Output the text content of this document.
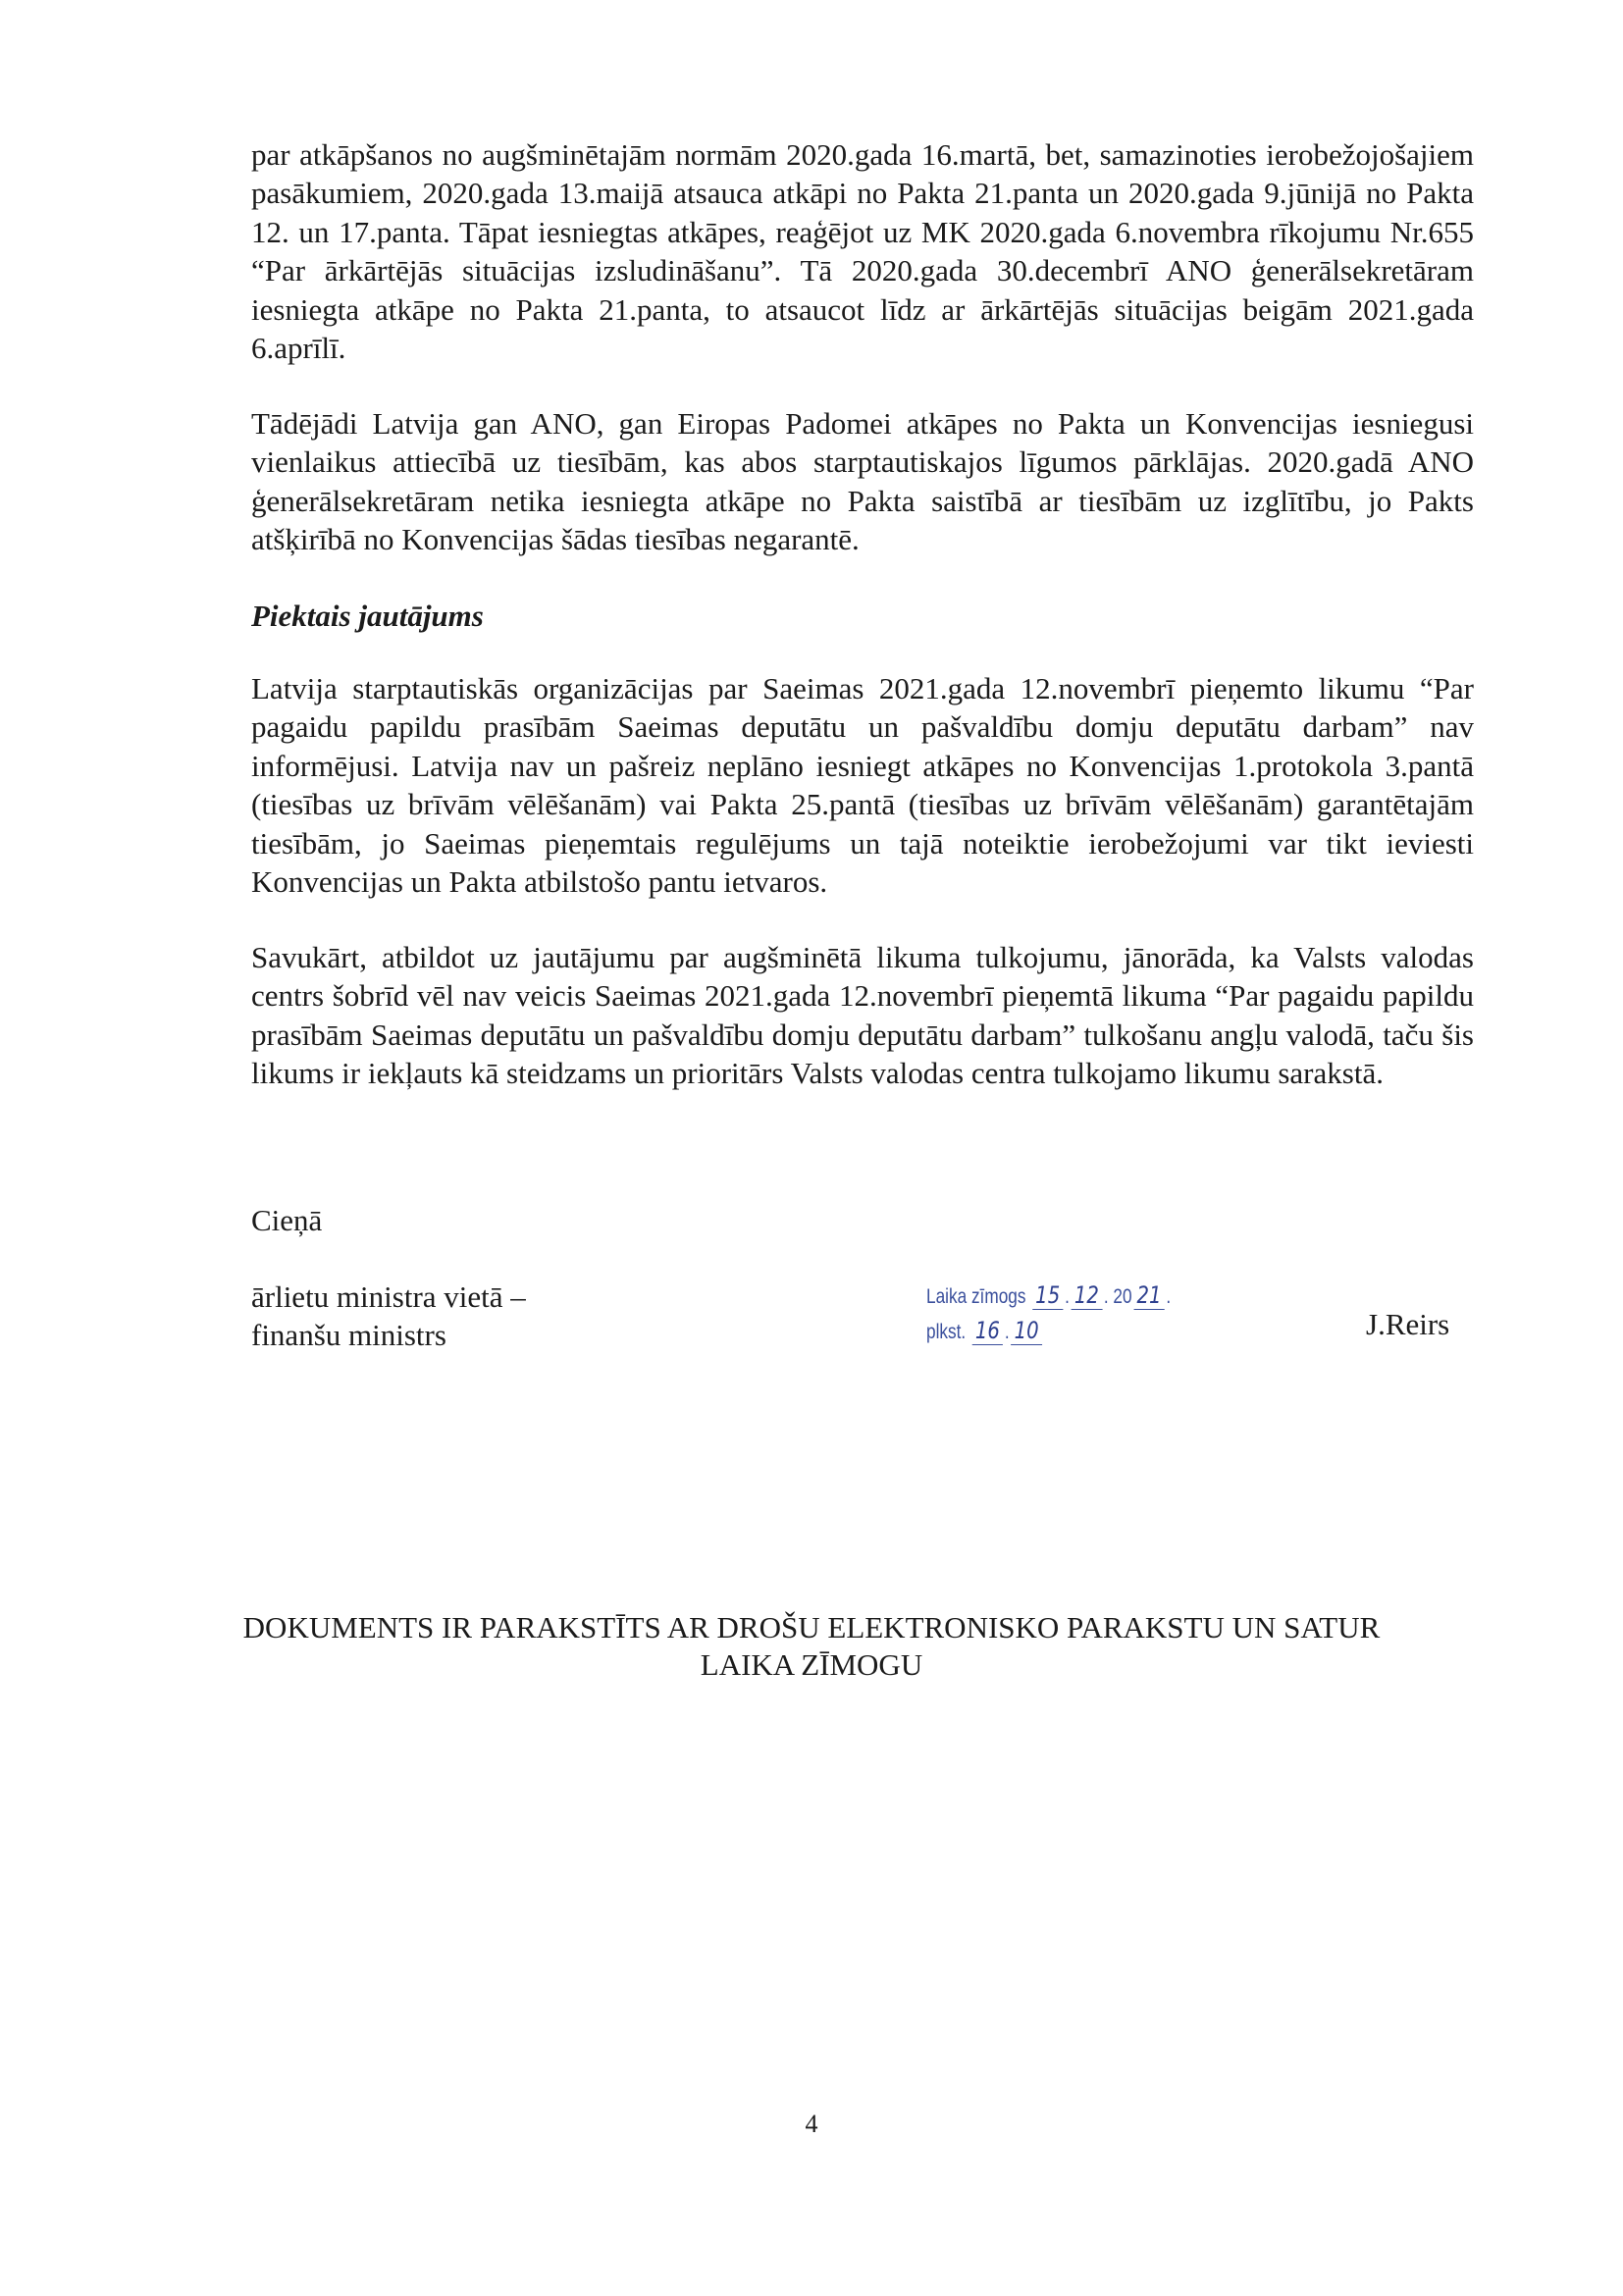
par atkāpšanos no augšminētajām normām 2020.gada 16.martā, bet, samazinoties ierobežojošajiem pasākumiem, 2020.gada 13.maijā atsauca atkāpi no Pakta 21.panta un 2020.gada 9.jūnijā no Pakta 12. un 17.panta. Tāpat iesniegtas atkāpes, reaģējot uz MK 2020.gada 6.novembra rīkojumu Nr.655 “Par ārkārtējās situācijas izsludināšanu”. Tā 2020.gada 30.decembrī ANO ģenerālsekretāram iesniegta atkāpe no Pakta 21.panta, to atsaucot līdz ar ārkārtējās situācijas beigām 2021.gada 6.aprīlī.

Tādējādi Latvija gan ANO, gan Eiropas Padomei atkāpes no Pakta un Konvencijas iesniegusi vienlaikus attiecībā uz tiesībām, kas abos starptautiskajos līgumos pārklājas. 2020.gadā ANO ģenerālsekretāram netika iesniegta atkāpe no Pakta saistībā ar tiesībām uz izglītību, jo Pakts atšķirībā no Konvencijas šādas tiesības negarantē.

Piektais jautājums

Latvija starptautiskās organizācijas par Saeimas 2021.gada 12.novembrī pieņemto likumu “Par pagaidu papildu prasībām Saeimas deputātu un pašvaldību domju deputātu darbam” nav informējusi. Latvija nav un pašreiz neplāno iesniegt atkāpes no Konvencijas 1.protokola 3.pantā (tiesības uz brīvām vēlēšanām) vai Pakta 25.pantā (tiesības uz brīvām vēlēšanām) garantētajām tiesībām, jo Saeimas pieņemtais regulējums un tajā noteiktie ierobežojumi var tikt ieviesti Konvencijas un Pakta atbilstošo pantu ietvaros.

Savukārt, atbildot uz jautājumu par augšminētā likuma tulkojumu, jānorāda, ka Valsts valodas centrs šobrīd vēl nav veicis Saeimas 2021.gada 12.novembrī pieņemtā likuma “Par pagaidu papildu prasībām Saeimas deputātu un pašvaldību domju deputātu darbam” tulkošanu angļu valodā, taču šis likums ir iekļauts kā steidzams un prioritārs Valsts valodas centra tulkojamo likumu sarakstā.

Cieņā

ārlietu ministra vietā –

finanšu ministrs

Laika zīmogs 15 . 12 . 20 21 .
plkst. 16 . 10	J.Reirs

DOKUMENTS IR PARAKSTĪTS AR DROŠU ELEKTRONISKO PARAKSTU UN SATUR
LAIKA ZĪMOGU

4
